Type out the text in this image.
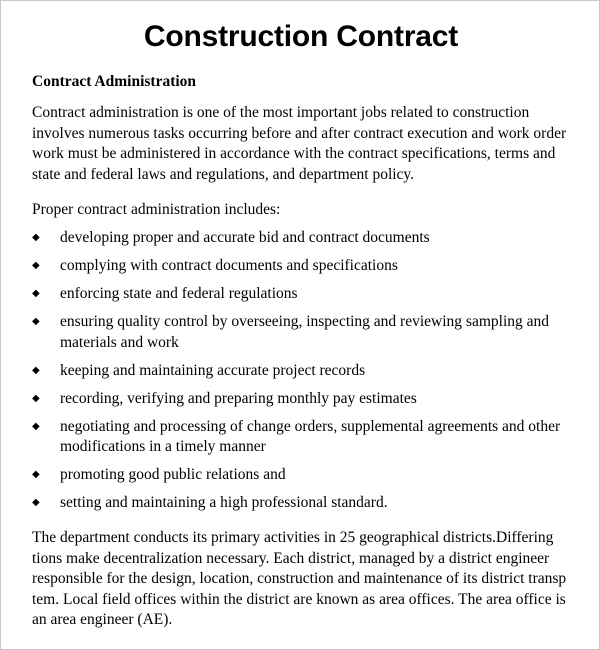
Construction Contract
Contract Administration

Contract administration is one of the most important jobs related to construction
involves numerous tasks occurring before and after contract execution and work order
work must be administered in accordance with the contract specifications, terms and
state and federal laws and regulations, and department policy.

Proper contract administration includes:

◆ developing proper and accurate bid and contract documents
◆ complying with contract documents and specifications
◆ enforcing state and federal regulations
◆ ensuring quality control by overseeing, inspecting and reviewing sampling and
materials and work
◆ keeping and maintaining accurate project records
◆ recording, verifying and preparing monthly pay estimates
◆ negotiating and processing of change orders, supplemental agreements and other
modifications in a timely manner
◆ promoting good public relations and
◆ setting and maintaining a high professional standard.

The department conducts its primary activities in 25 geographical districts.Differing
tions make decentralization necessary. Each district, managed by a district engineer
responsible for the design, location, construction and maintenance of its district transp
tem. Local field offices within the district are known as area offices. The area office is
an area engineer (AE).
